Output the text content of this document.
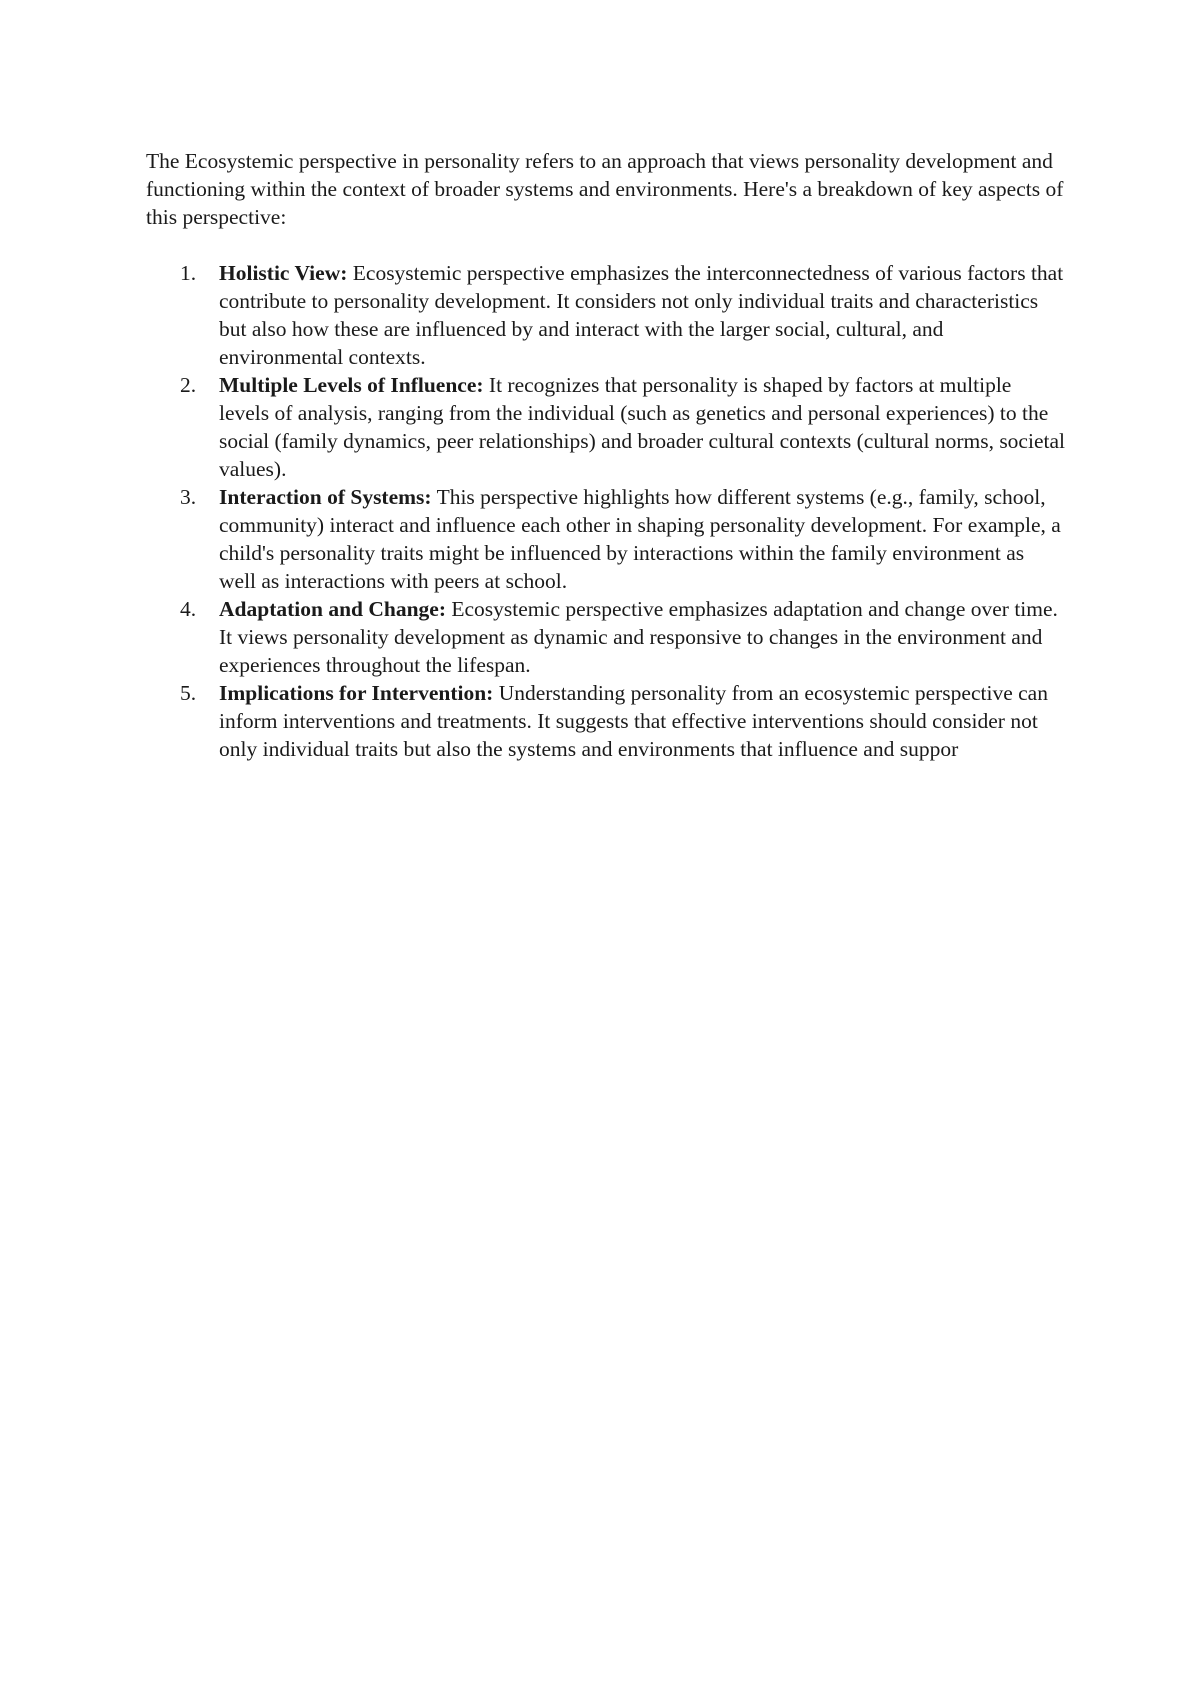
The Ecosystemic perspective in personality refers to an approach that views personality development and functioning within the context of broader systems and environments. Here's a breakdown of key aspects of this perspective:

1. Holistic View: Ecosystemic perspective emphasizes the interconnectedness of various factors that contribute to personality development. It considers not only individual traits and characteristics but also how these are influenced by and interact with the larger social, cultural, and environmental contexts.
2. Multiple Levels of Influence: It recognizes that personality is shaped by factors at multiple levels of analysis, ranging from the individual (such as genetics and personal experiences) to the social (family dynamics, peer relationships) and broader cultural contexts (cultural norms, societal values).
3. Interaction of Systems: This perspective highlights how different systems (e.g., family, school, community) interact and influence each other in shaping personality development. For example, a child's personality traits might be influenced by interactions within the family environment as well as interactions with peers at school.
4. Adaptation and Change: Ecosystemic perspective emphasizes adaptation and change over time. It views personality development as dynamic and responsive to changes in the environment and experiences throughout the lifespan.
5. Implications for Intervention: Understanding personality from an ecosystemic perspective can inform interventions and treatments. It suggests that effective interventions should consider not only individual traits but also the systems and environments that influence and suppor
